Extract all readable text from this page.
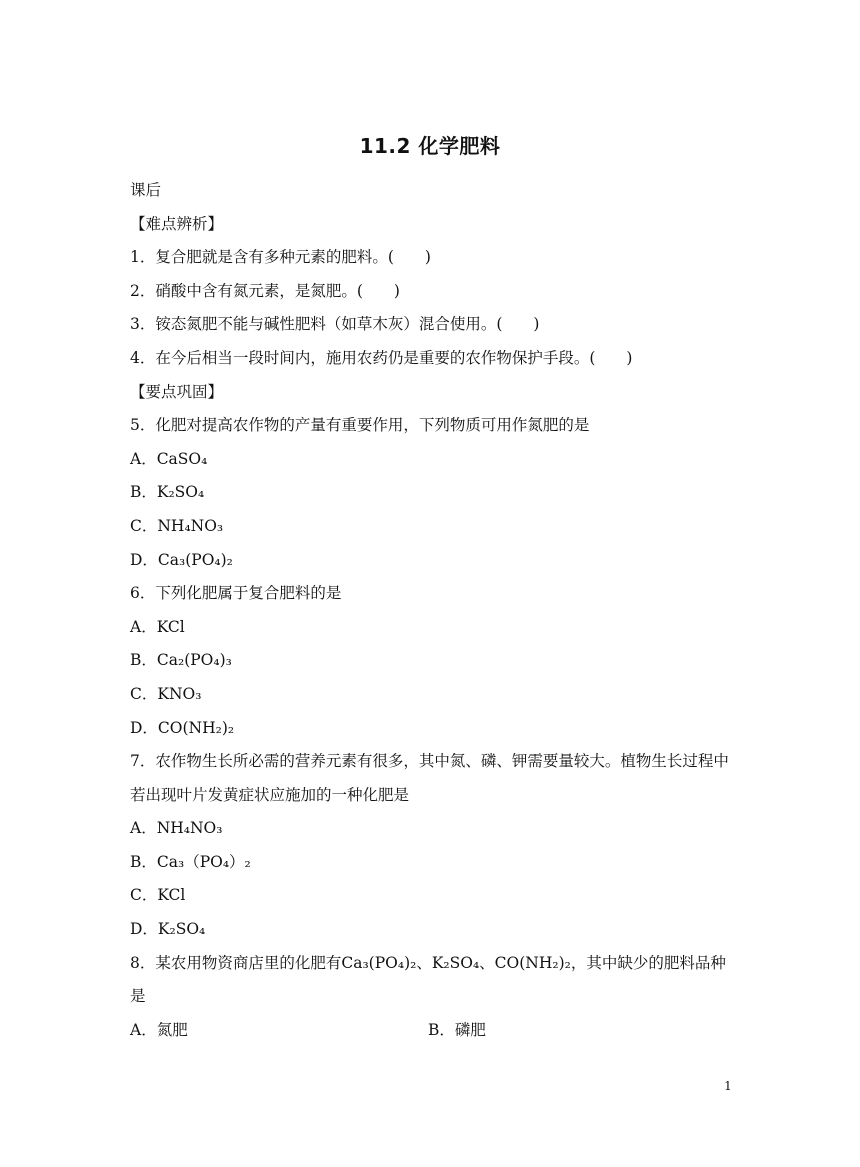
11.2 化学肥料
课后
【难点辨析】
1．复合肥就是含有多种元素的肥料。(　　)
2．硝酸中含有氮元素，是氮肥。(　　)
3．铵态氮肥不能与碱性肥料（如草木灰）混合使用。(　　)
4．在今后相当一段时间内，施用农药仍是重要的农作物保护手段。(　　)
【要点巩固】
5．化肥对提高农作物的产量有重要作用，下列物质可用作氮肥的是
A．CaSO₄
B．K₂SO₄
C．NH₄NO₃
D．Ca₃(PO₄)₂
6．下列化肥属于复合肥料的是
A．KCl
B．Ca₂(PO₄)₃
C．KNO₃
D．CO(NH₂)₂
7．农作物生长所必需的营养元素有很多，其中氮、磷、钾需要量较大。植物生长过程中若出现叶片发黄症状应施加的一种化肥是
A．NH₄NO₃
B．Ca₃（PO₄）₂
C．KCl
D．K₂SO₄
8．某农用物资商店里的化肥有Ca₃(PO₄)₂、K₂SO₄、CO(NH₂)₂，其中缺少的肥料品种是
A．氮肥	B．磷肥
1
